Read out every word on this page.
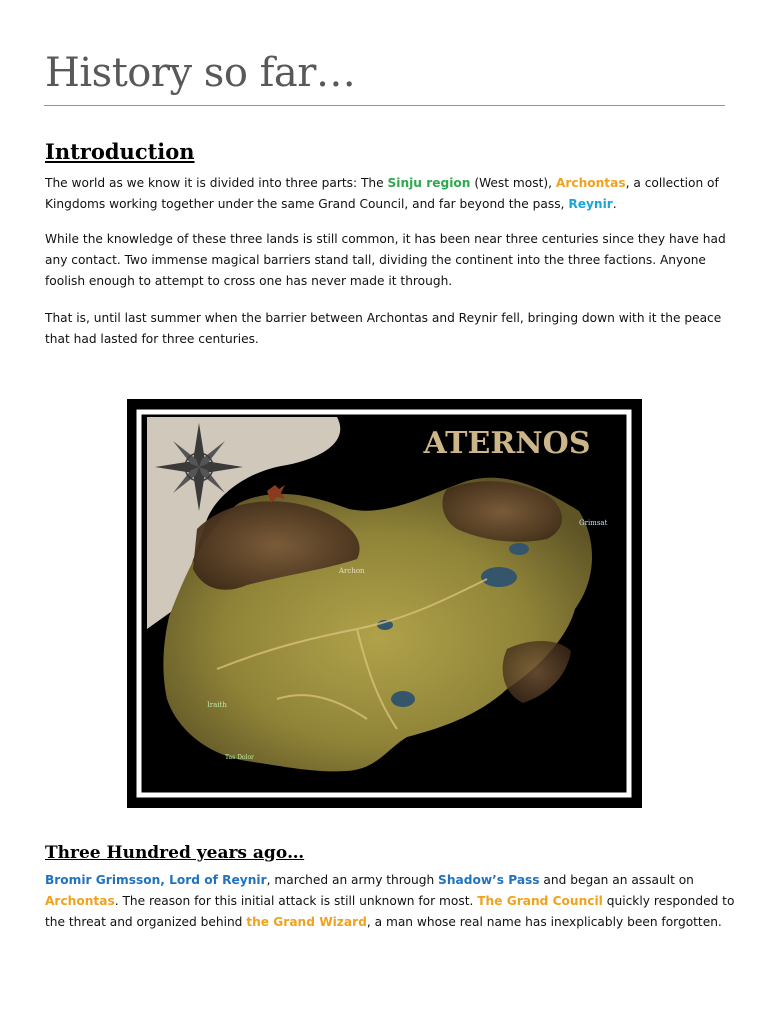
History so far…
Introduction

The world as we know it is divided into three parts: The Sinju region (West most), Archontas, a collection of Kingdoms working together under the same Grand Council, and far beyond the pass, Reynir.

While the knowledge of these three lands is still common, it has been near three centuries since they have had any contact. Two immense magical barriers stand tall, dividing the continent into the three factions. Anyone foolish enough to attempt to cross one has never made it through.

That is, until last summer when the barrier between Archontas and Reynir fell, bringing down with it the peace that had lasted for three centuries.

ATERNOS
Grimsat
Archon
Iraith
Tas Dolor
Three Hundred years ago…

Bromir Grimsson, Lord of Reynir, marched an army through Shadow’s Pass and began an assault on Archontas. The reason for this initial attack is still unknown for most. The Grand Council quickly responded to the threat and organized behind the Grand Wizard, a man whose real name has inexplicably been forgotten.
